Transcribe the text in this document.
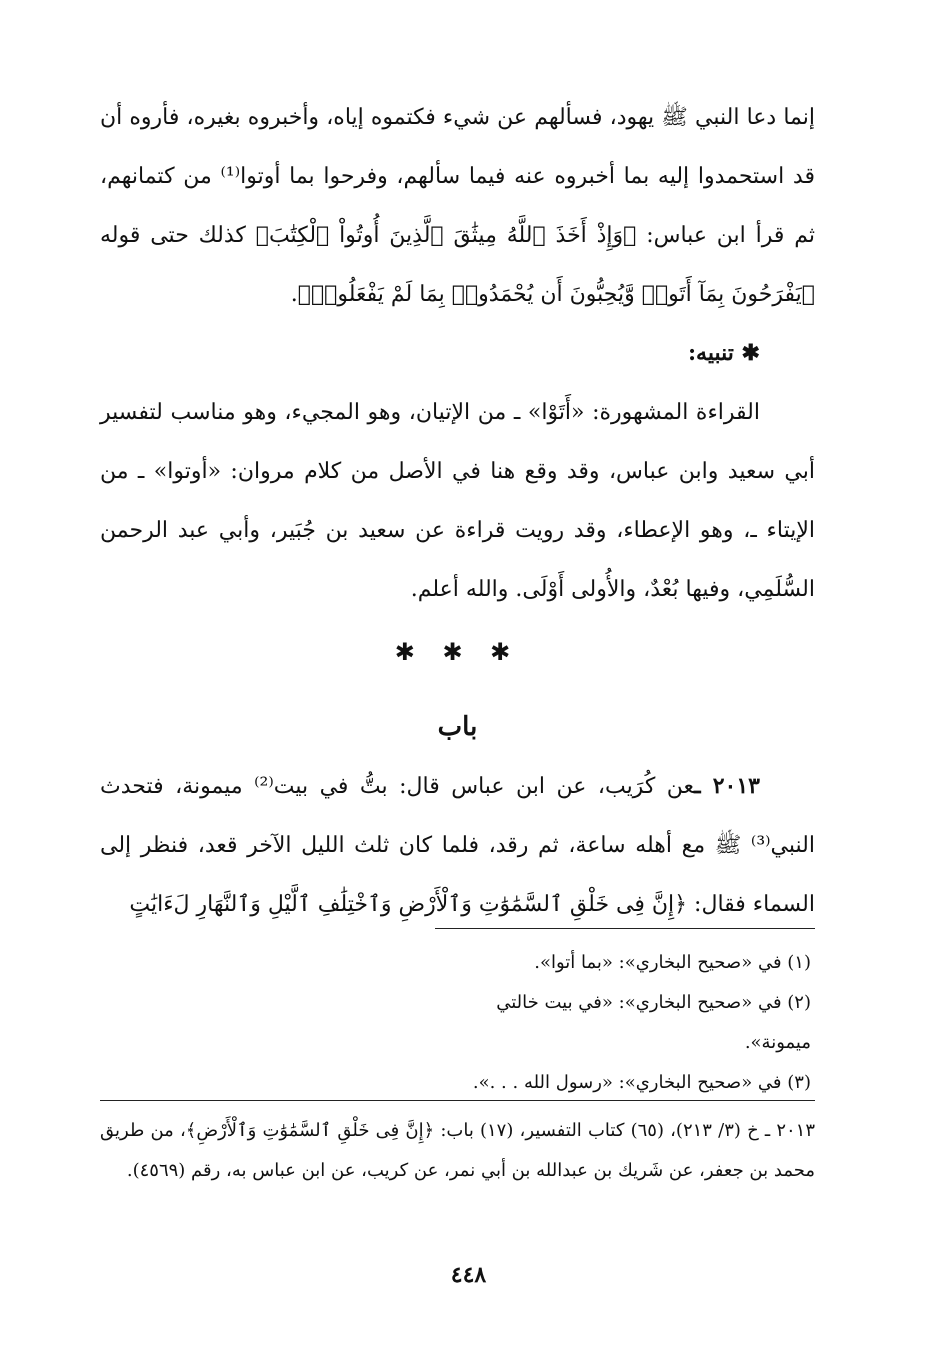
إنما دعا النبي ﷺ يهود، فسألهم عن شيء فكتموه إياه، وأخبروه بغيره، فأروه أن قد استحمدوا إليه بما أخبروه عنه فيما سألهم، وفرحوا بما أوتوا⁽¹⁾ من كتمانهم، ثم قرأ ابن عباس: ﴿وَإِذْ أَخَذَ ٱللَّهُ مِيثَٰقَ ٱلَّذِينَ أُوتُواْ ٱلْكِتَٰبَ﴾ كذلك حتى قوله ﴿يَفْرَحُونَ بِمَآ أَتَوا۟ وَّيُحِبُّونَ أَن يُحْمَدُوا۟ بِمَا لَمْ يَفْعَلُوا۟﴾.

✱ تنبيه:

القراءة المشهورة: «أَتَوْا» ـ من الإتيان، وهو المجيء، وهو مناسب لتفسير أبي سعيد وابن عباس، وقد وقع هنا في الأصل من كلام مروان: «أوتوا» ـ من الإيتاء ـ، وهو الإعطاء، وقد رويت قراءة عن سعيد بن جُبَير، وأبي عبد الرحمن السُّلَمِي، وفيها بُعْدٌ، والأُولى أَوْلَى. والله أعلم.

✱ ✱ ✱
باب

٢٠١٣ ـعن كُرَيب، عن ابن عباس قال: بتُّ في بيت⁽²⁾ ميمونة، فتحدث النبي⁽³⁾ ﷺ مع أهله ساعة، ثم رقد، فلما كان ثلث الليل الآخر قعد، فنظر إلى السماء فقال: ﴿إِنَّ فِى خَلْقِ ٱلسَّمَٰوَٰتِ وَٱلْأَرْضِ وَٱخْتِلَٰفِ ٱلَّيْلِ وَٱلنَّهَارِ لَءَايَٰتٍ

(١) في «صحيح البخاري»: «بما أتوا».

(٢) في «صحيح البخاري»: «في بيت خالتي ميمونة».

(٣) في «صحيح البخاري»: «رسول الله . . .».

٢٠١٣ ـ خ (٣/ ٢١٣)، (٦٥) كتاب التفسير، (١٧) باب: ﴿إِنَّ فِى خَلْقِ ٱلسَّمَٰوَٰتِ وَٱلْأَرْضِ﴾، من طريق محمد بن جعفر، عن شَريك بن عبدالله بن أبي نمر، عن كريب، عن ابن عباس به، رقم (٤٥٦٩).

٤٤٨
